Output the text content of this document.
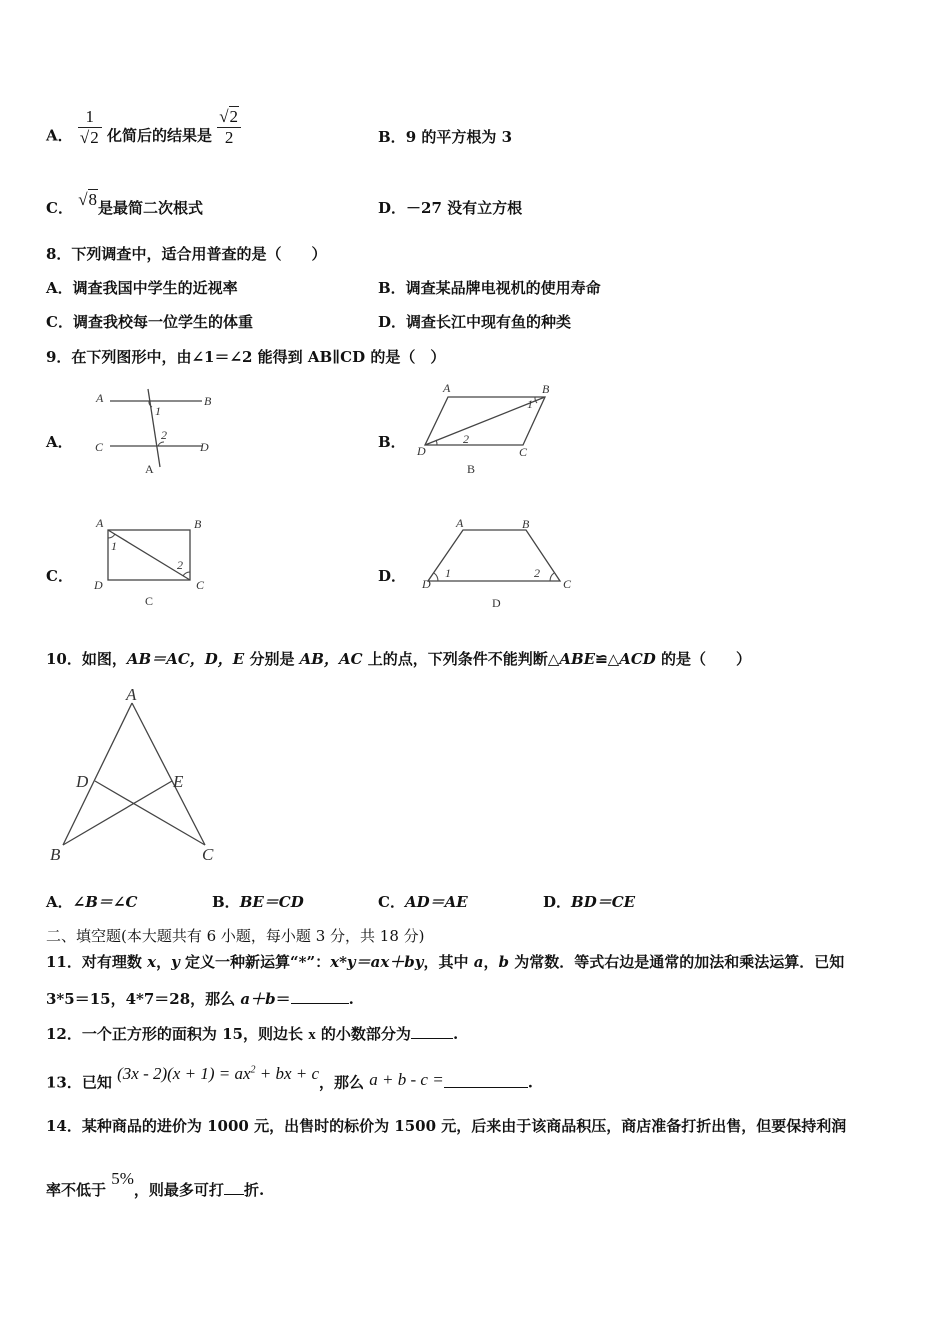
A． $\frac{1}{√2}$ 化简后的结果是 $\frac{√2}{2}$	B．9 的平方根为 3
C． √8是最简二次根式	D．－27 没有立方根
8．下列调查中，适合用普查的是（　　）
A．调查我国中学生的近视率	B．调查某品牌电视机的使用寿命
C．调查我校每一位学生的体重	D．调查长江中现有鱼的种类
9．在下列图形中，由∠1＝∠2 能得到 AB∥CD 的是（　）
A．
A	B
C	D
1
2
A
B．
A	B
C
D
1
2
B
C．
A	B
C
D
1
2
C
D．
A	B
C
D
1	2
D
10．如图，AB＝AC，D，E 分别是 AB，AC 上的点，下列条件不能判断△ABE≌△ACD 的是（　　）
A
B	C
D	E
A．∠B＝∠C	B．BE＝CD	C．AD＝AE	D．BD＝CE
二、填空题(本大题共有 6 小题，每小题 3 分，共 18 分)
11．对有理数 x，y 定义一种新运算“*”：x*y＝ax＋by，其中 a，b 为常数．等式右边是通常的加法和乘法运算．已知
3*5＝15，4*7＝28，那么 a＋b＝	.
12．一个正方形的面积为 15，则边长 x 的小数部分为	.
13．已知 $(3x - 2)(x + 1) = ax^2$ + bx + c，那么 a + b - c =	.
14．某种商品的进价为 1000 元，出售时的标价为 1500 元，后来由于该商品积压，商店准备打折出售，但要保持利润
率不低于 5%，则最多可打 折.
